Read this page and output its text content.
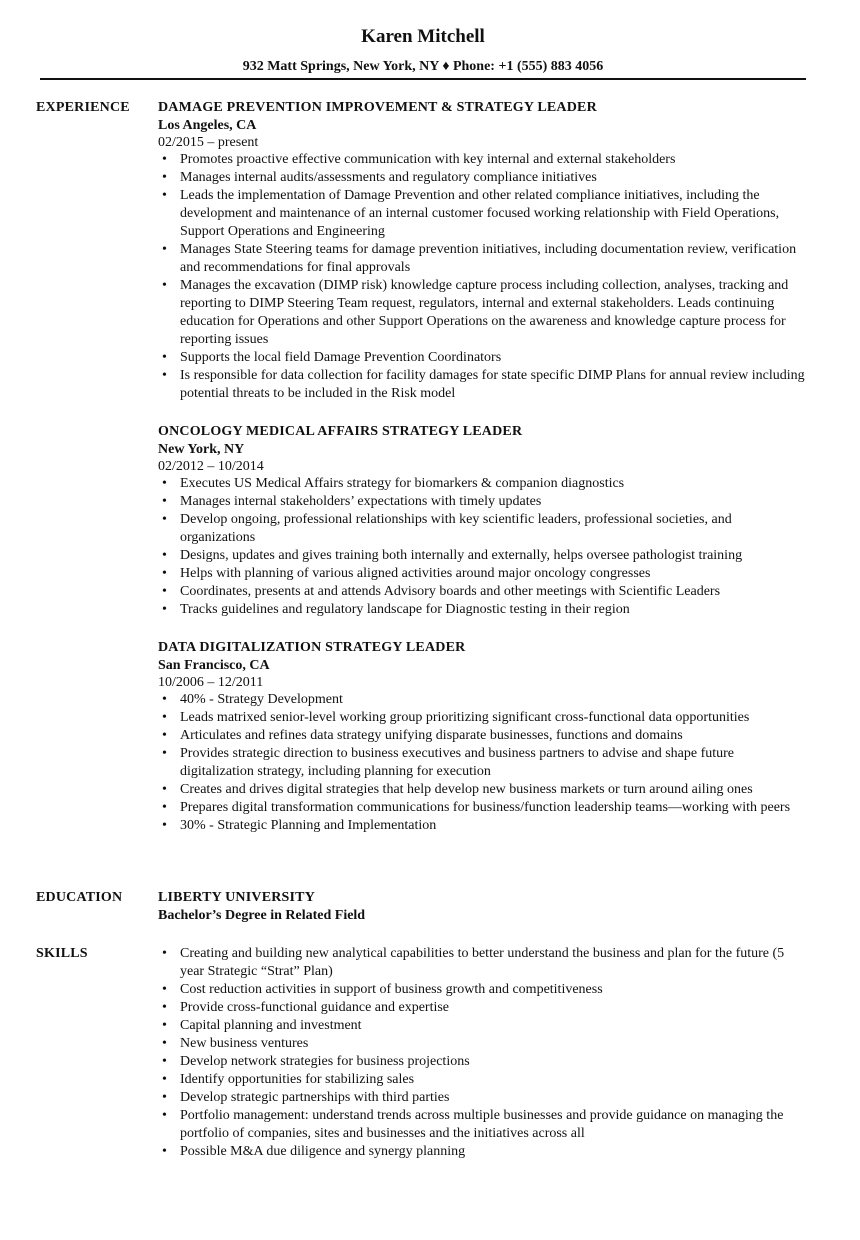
Karen Mitchell
932 Matt Springs, New York, NY ♦ Phone: +1 (555) 883 4056
EXPERIENCE DAMAGE PREVENTION IMPROVEMENT & STRATEGY LEADER
Los Angeles, CA
02/2015 – present
• Promotes proactive effective communication with key internal and external stakeholders
• Manages internal audits/assessments and regulatory compliance initiatives
• Leads the implementation of Damage Prevention and other related compliance initiatives, including the development and maintenance of an internal customer focused working relationship with Field Operations, Support Operations and Engineering
• Manages State Steering teams for damage prevention initiatives, including documentation review, verification and recommendations for final approvals
• Manages the excavation (DIMP risk) knowledge capture process including collection, analyses, tracking and reporting to DIMP Steering Team request, regulators, internal and external stakeholders. Leads continuing education for Operations and other Support Operations on the awareness and knowledge capture process for reporting issues
• Supports the local field Damage Prevention Coordinators
• Is responsible for data collection for facility damages for state specific DIMP Plans for annual review including potential threats to be included in the Risk model
ONCOLOGY MEDICAL AFFAIRS STRATEGY LEADER
New York, NY
02/2012 – 10/2014
• Executes US Medical Affairs strategy for biomarkers & companion diagnostics
• Manages internal stakeholders’ expectations with timely updates
• Develop ongoing, professional relationships with key scientific leaders, professional societies, and organizations
• Designs, updates and gives training both internally and externally, helps oversee pathologist training
• Helps with planning of various aligned activities around major oncology congresses
• Coordinates, presents at and attends Advisory boards and other meetings with Scientific Leaders
• Tracks guidelines and regulatory landscape for Diagnostic testing in their region
DATA DIGITALIZATION STRATEGY LEADER
San Francisco, CA
10/2006 – 12/2011
• 40% - Strategy Development
• Leads matrixed senior-level working group prioritizing significant cross-functional data opportunities
• Articulates and refines data strategy unifying disparate businesses, functions and domains
• Provides strategic direction to business executives and business partners to advise and shape future digitalization strategy, including planning for execution
• Creates and drives digital strategies that help develop new business markets or turn around ailing ones
• Prepares digital transformation communications for business/function leadership teams—working with peers
• 30% - Strategic Planning and Implementation
EDUCATION	LIBERTY UNIVERSITY
Bachelor’s Degree in Related Field
SKILLS	• Creating and building new analytical capabilities to better understand the business and plan for the future (5 year Strategic “Strat” Plan)
• Cost reduction activities in support of business growth and competitiveness
• Provide cross-functional guidance and expertise
• Capital planning and investment
• New business ventures
• Develop network strategies for business projections
• Identify opportunities for stabilizing sales
• Develop strategic partnerships with third parties
• Portfolio management: understand trends across multiple businesses and provide guidance on managing the portfolio of companies, sites and businesses and the initiatives across all
• Possible M&A due diligence and synergy planning
